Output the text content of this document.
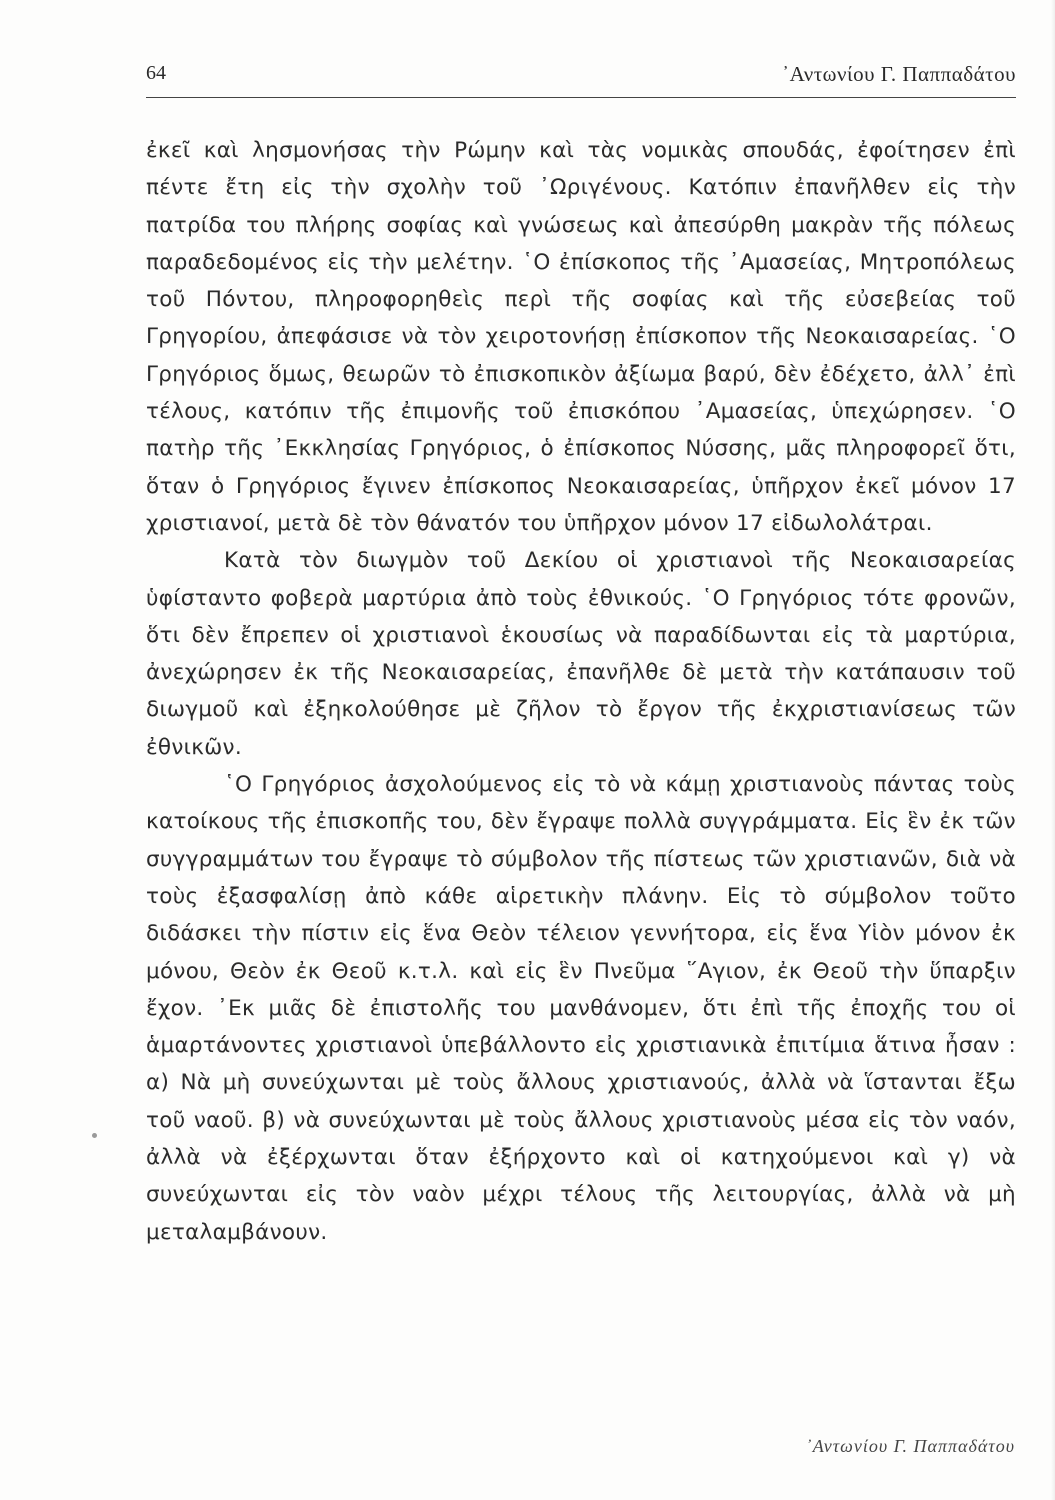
64	᾿Αντωνίου Γ. Παππαδάτου

ἐκεῖ καὶ λησμονήσας τὴν Ρώμην καὶ τὰς νομικὰς σπουδάς, ἐφοίτησεν ἐπὶ πέντε ἔτη εἰς τὴν σχολὴν τοῦ ᾿Ωριγένους. Κατόπιν ἐπανῆλθεν εἰς τὴν πατρίδα του πλήρης σοφίας καὶ γνώσεως καὶ ἀπεσύρθη μακρὰν τῆς πόλεως παραδεδομένος εἰς τὴν μελέτην. ῾Ο ἐπίσκοπος τῆς ᾿Αμασείας, Μητροπόλεως τοῦ Πόντου, πληροφορηθεὶς περὶ τῆς σοφίας καὶ τῆς εὐσεβείας τοῦ Γρηγορίου, ἀπεφάσισε νὰ τὸν χειροτονήσῃ ἐπίσκοπον τῆς Νεοκαισαρείας. ῾Ο Γρηγόριος ὅμως, θεωρῶν τὸ ἐπισκοπικὸν ἀξίωμα βαρύ, δὲν ἐδέχετο, ἀλλ᾿ ἐπὶ τέλους, κατόπιν τῆς ἐπιμονῆς τοῦ ἐπισκόπου ᾿Αμασείας, ὑπεχώρησεν. ῾Ο πατὴρ τῆς ᾿Εκκλησίας Γρηγόριος, ὁ ἐπίσκοπος Νύσσης, μᾶς πληροφορεῖ ὅτι, ὅταν ὁ Γρηγόριος ἔγινεν ἐπίσκοπος Νεοκαισαρείας, ὑπῆρχον ἐκεῖ μόνον 17 χριστιανοί, μετὰ δὲ τὸν θάνατόν του ὑπῆρχον μόνον 17 εἰδωλολάτραι.

Κατὰ τὸν διωγμὸν τοῦ Δεκίου οἱ χριστιανοὶ τῆς Νεοκαισαρείας ὑφίσταντο φοβερὰ μαρτύρια ἀπὸ τοὺς ἐθνικούς. ῾Ο Γρηγόριος τότε φρονῶν, ὅτι δὲν ἔπρεπεν οἱ χριστιανοὶ ἑκουσίως νὰ παραδίδωνται εἰς τὰ μαρτύρια, ἀνεχώρησεν ἐκ τῆς Νεοκαισαρείας, ἐπανῆλθε δὲ μετὰ τὴν κατάπαυσιν τοῦ διωγμοῦ καὶ ἐξηκολούθησε μὲ ζῆλον τὸ ἔργον τῆς ἐκχριστιανίσεως τῶν ἐθνικῶν.

῾Ο Γρηγόριος ἀσχολούμενος εἰς τὸ νὰ κάμῃ χριστιανοὺς πάντας τοὺς κατοίκους τῆς ἐπισκοπῆς του, δὲν ἔγραψε πολλὰ συγγράμματα. Εἰς ἓν ἐκ τῶν συγγραμμάτων του ἔγραψε τὸ σύμβολον τῆς πίστεως τῶν χριστιανῶν, διὰ νὰ τοὺς ἐξασφαλίσῃ ἀπὸ κάθε αἱρετικὴν πλάνην. Εἰς τὸ σύμβολον τοῦτο διδάσκει τὴν πίστιν εἰς ἕνα Θεὸν τέλειον γεννήτορα, εἰς ἕνα Υἱὸν μόνον ἐκ μόνου, Θεὸν ἐκ Θεοῦ κ.τ.λ. καὶ εἰς ἓν Πνεῦμα ῞Αγιον, ἐκ Θεοῦ τὴν ὕπαρξιν ἔχον. ᾿Εκ μιᾶς δὲ ἐπιστολῆς του μανθάνομεν, ὅτι ἐπὶ τῆς ἐποχῆς του οἱ ἁμαρτάνοντες χριστιανοὶ ὑπεβάλλοντο εἰς χριστιανικὰ ἐπιτίμια ἅτινα ἦσαν : α) Νὰ μὴ συνεύχωνται μὲ τοὺς ἄλλους χριστιανούς, ἀλλὰ νὰ ἵστανται ἔξω τοῦ ναοῦ. β) νὰ συνεύχωνται μὲ τοὺς ἄλλους χριστιανοὺς μέσα εἰς τὸν ναόν, ἀλλὰ νὰ ἐξέρχωνται ὅταν ἐξήρχοντο καὶ οἱ κατηχούμενοι καὶ γ) νὰ συνεύχωνται εἰς τὸν ναὸν μέχρι τέλους τῆς λειτουργίας, ἀλλὰ νὰ μὴ μεταλαμβάνουν.

᾿Αντωνίου Γ. Παππαδάτου
